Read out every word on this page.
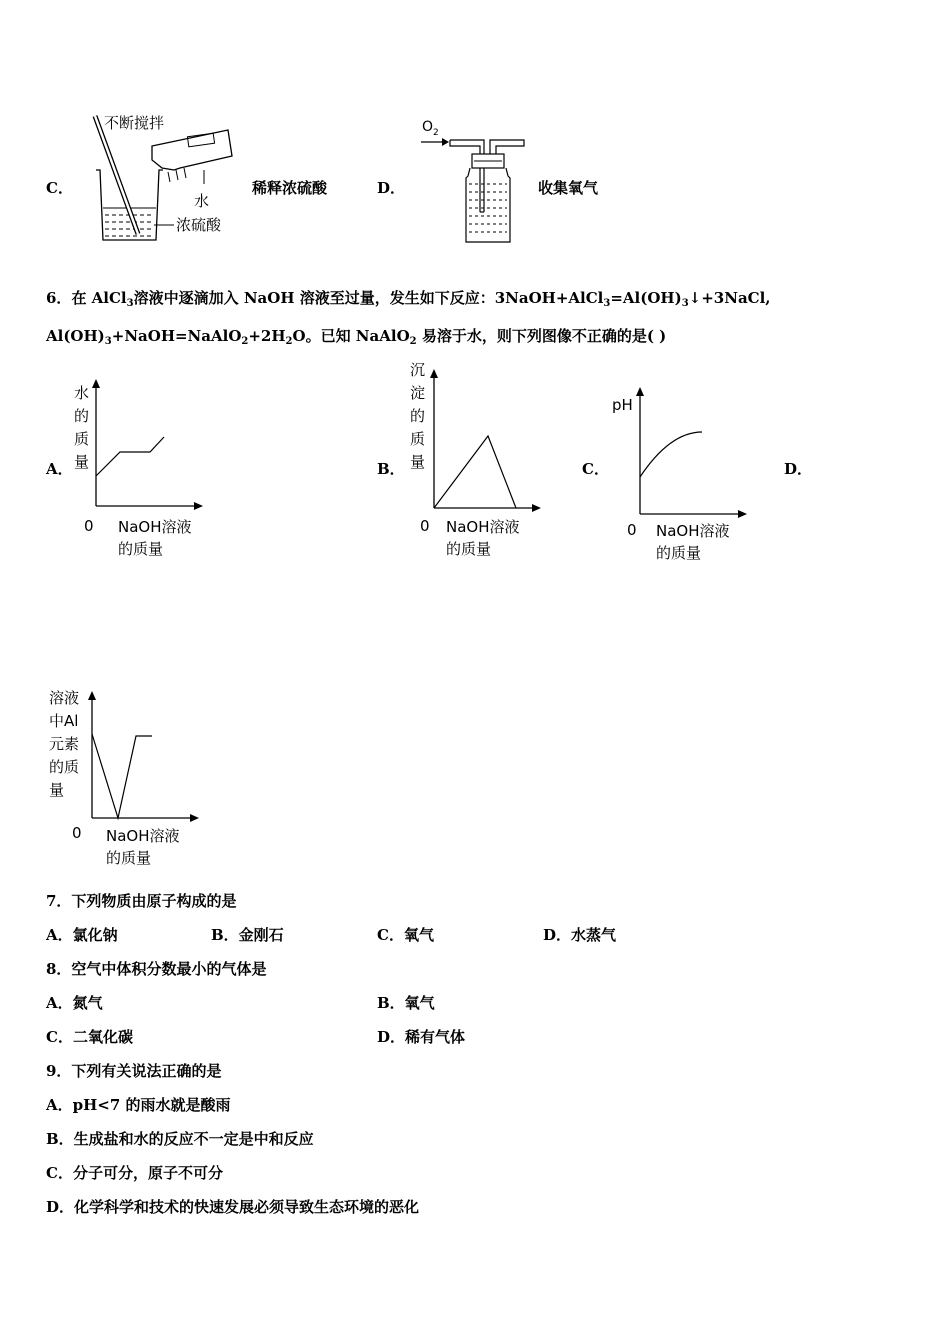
C．
不断搅拌
水
浓硫酸
稀释浓硫酸	D．
$O_2$
收集氧气
6．在 AlCl$_3$溶液中逐滴加入 NaOH 溶液至过量，发生如下反应：$3NaOH+AlCl_3=Al(OH)_3↓+3NaCl$,
$Al(OH)_3+NaOH=NaAlO_2+2H_2O$。已知 NaAlO$_2$ 易溶于水，则下列图像不正确的是( )
A．
水
的
质
量
0 NaOH溶液
的质量
B．
沉
淀
的
质
量
0 NaOH溶液
的质量
C．
pH
0 NaOH溶液
的质量
D．
溶液
中Al
元素
的质
量
0 NaOH溶液
的质量
7．下列物质由原子构成的是
A．氯化钠	B．金刚石	C．氧气	D．水蒸气
8．空气中体积分数最小的气体是
A．氮气	B．氧气
C．二氧化碳	D．稀有气体
9．下列有关说法正确的是
A．pH<7 的雨水就是酸雨
B．生成盐和水的反应不一定是中和反应
C．分子可分，原子不可分
D．化学科学和技术的快速发展必须导致生态环境的恶化
